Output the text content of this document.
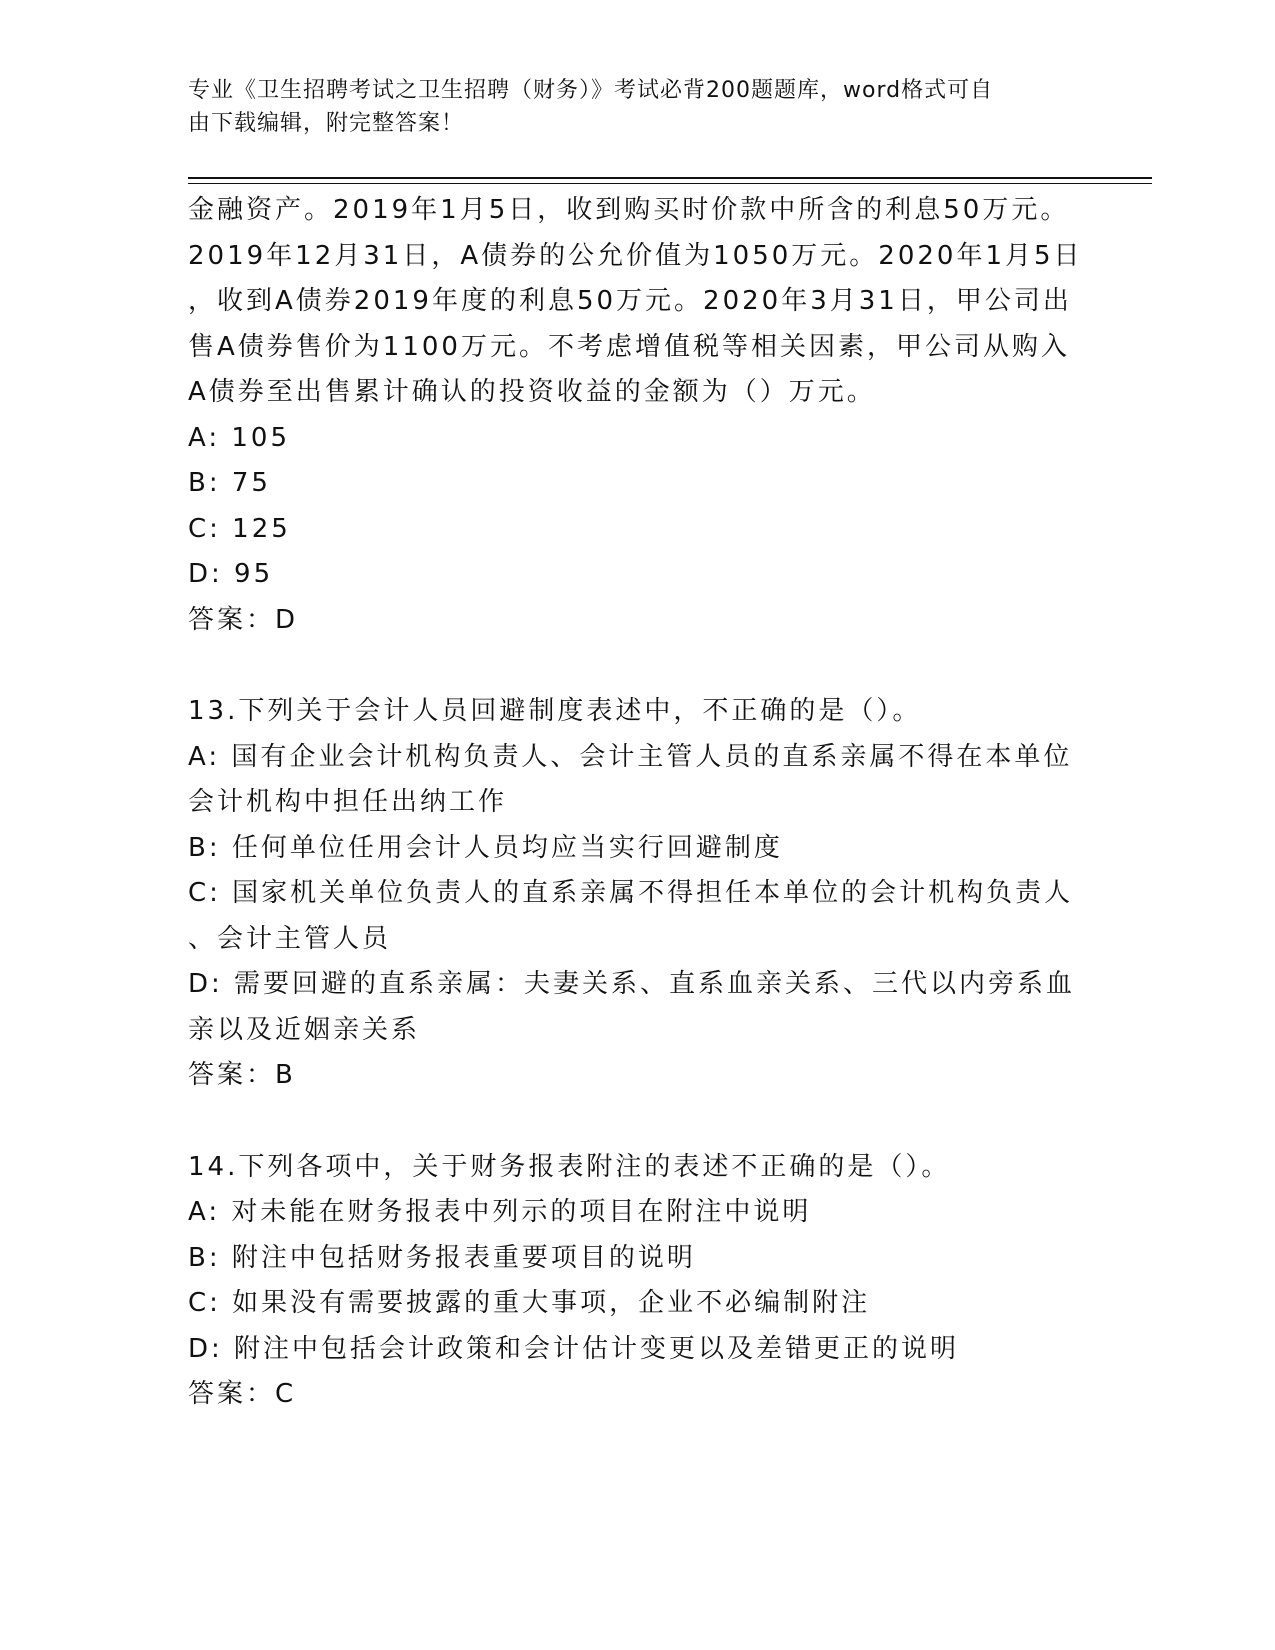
专业《卫生招聘考试之卫生招聘（财务）》考试必背200题题库，word格式可自
由下载编辑，附完整答案！
金融资产。2019年1月5日，收到购买时价款中所含的利息50万元。
2019年12月31日，A债券的公允价值为1050万元。2020年1月5日
，收到A债券2019年度的利息50万元。2020年3月31日，甲公司出
售A债券售价为1100万元。不考虑增值税等相关因素，甲公司从购入
A债券至出售累计确认的投资收益的金额为（）万元。
A: 105
B: 75
C: 125
D: 95
答案：D
13.下列关于会计人员回避制度表述中，不正确的是（）。
A: 国有企业会计机构负责人、会计主管人员的直系亲属不得在本单位
会计机构中担任出纳工作
B: 任何单位任用会计人员均应当实行回避制度
C: 国家机关单位负责人的直系亲属不得担任本单位的会计机构负责人
、会计主管人员
D: 需要回避的直系亲属：夫妻关系、直系血亲关系、三代以内旁系血
亲以及近姻亲关系
答案：B
14.下列各项中，关于财务报表附注的表述不正确的是（）。
A: 对未能在财务报表中列示的项目在附注中说明
B: 附注中包括财务报表重要项目的说明
C: 如果没有需要披露的重大事项，企业不必编制附注
D: 附注中包括会计政策和会计估计变更以及差错更正的说明
答案：C
